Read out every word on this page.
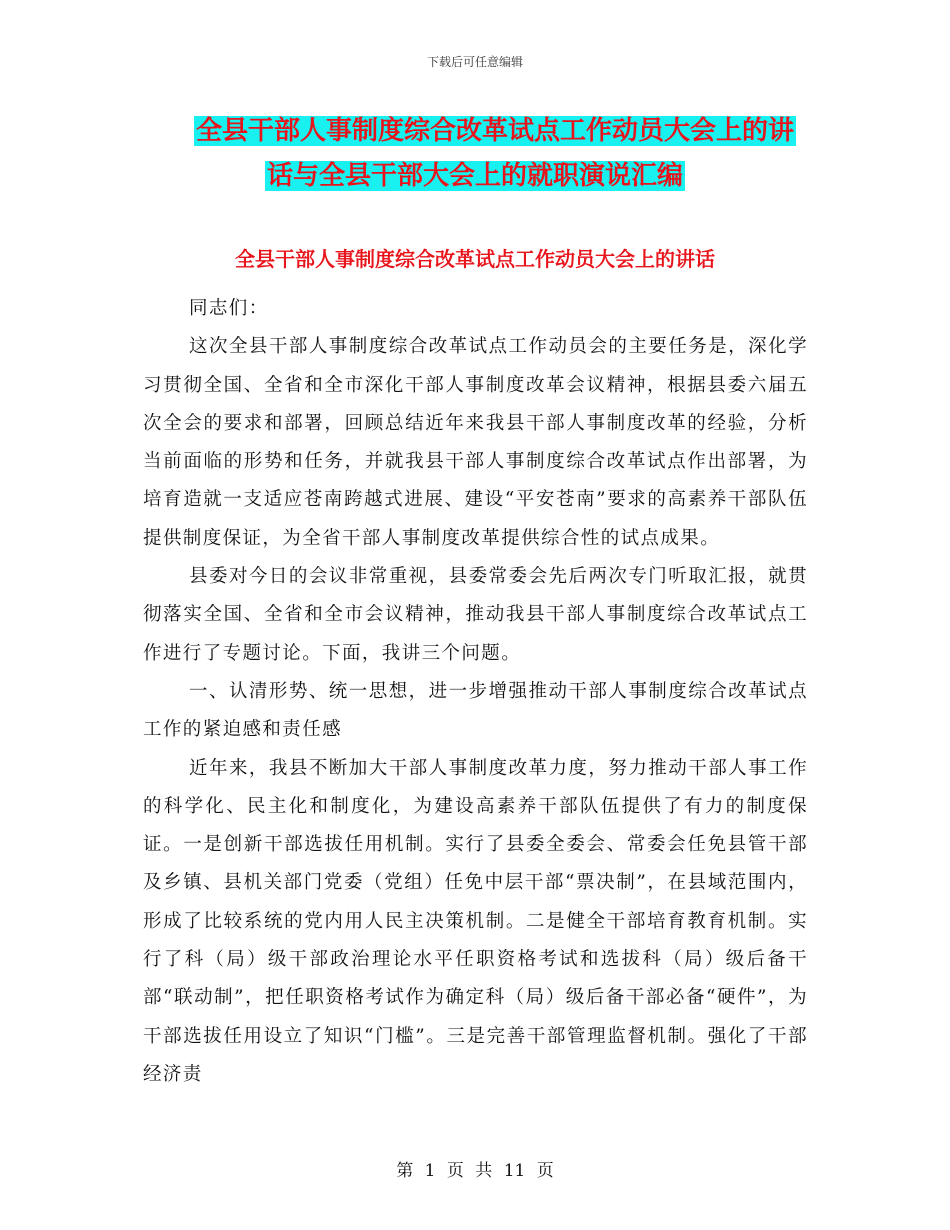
下载后可任意编辑
全县干部人事制度综合改革试点工作动员大会上的讲
话与全县干部大会上的就职演说汇编
全县干部人事制度综合改革试点工作动员大会上的讲话

同志们：

这次全县干部人事制度综合改革试点工作动员会的主要任务是，深化学习贯彻全国、全省和全市深化干部人事制度改革会议精神，根据县委六届五次全会的要求和部署，回顾总结近年来我县干部人事制度改革的经验，分析当前面临的形势和任务，并就我县干部人事制度综合改革试点作出部署，为培育造就一支适应苍南跨越式进展、建设“平安苍南”要求的高素养干部队伍提供制度保证，为全省干部人事制度改革提供综合性的试点成果。

县委对今日的会议非常重视，县委常委会先后两次专门听取汇报，就贯彻落实全国、全省和全市会议精神，推动我县干部人事制度综合改革试点工作进行了专题讨论。下面，我讲三个问题。

一、认清形势、统一思想，进一步增强推动干部人事制度综合改革试点工作的紧迫感和责任感

近年来，我县不断加大干部人事制度改革力度，努力推动干部人事工作的科学化、民主化和制度化，为建设高素养干部队伍提供了有力的制度保证。一是创新干部选拔任用机制。实行了县委全委会、常委会任免县管干部及乡镇、县机关部门党委（党组）任免中层干部“票决制”，在县域范围内，形成了比较系统的党内用人民主决策机制。二是健全干部培育教育机制。实行了科（局）级干部政治理论水平任职资格考试和选拔科（局）级后备干部“联动制”，把任职资格考试作为确定科（局）级后备干部必备“硬件”，为干部选拔任用设立了知识“门槛”。三是完善干部管理监督机制。强化了干部经济责

第 1 页 共 11 页
